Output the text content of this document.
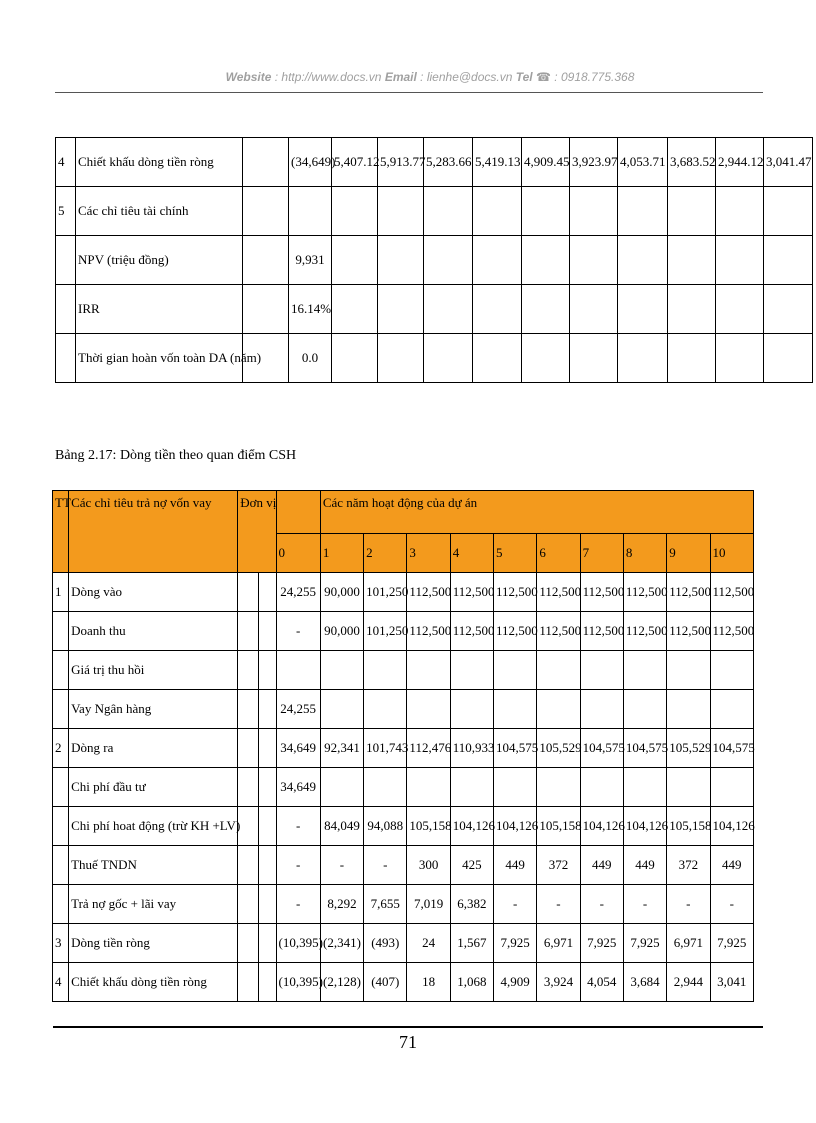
Website : http://www.docs.vn Email : lienhe@docs.vn Tel ☎ : 0918.775.368
4	Chiết khấu dòng tiền ròng		(34,649)	5,407.12	5,913.77	5,283.66	5,419.13	4,909.45	3,923.97	4,053.71	3,683.52	2,944.12	3,041.47
5	Các chỉ tiêu tài chính												
	NPV (triệu đồng)		9,931										
	IRR		16.14%										
	Thời gian hoàn vốn toàn DA (năm)		0.0										
Bảng 2.17: Dòng tiền theo quan điểm CSH
TT	Các chỉ tiêu trả nợ vốn vay	Đơn vị			Các năm hoạt động của dự án									
				0	1	2	3	4	5	6	7	8	9	10
1	Dòng vào			24,255	90,000	101,250	112,500	112,500	112,500	112,500	112,500	112,500	112,500	112,500
	Doanh thu			-	90,000	101,250	112,500	112,500	112,500	112,500	112,500	112,500	112,500	112,500
	Giá trị thu hồi													
	Vay Ngân hàng			24,255										
2	Dòng ra			34,649	92,341	101,743	112,476	110,933	104,575	105,529	104,575	104,575	105,529	104,575
	Chi phí đầu tư			34,649										
	Chi phí hoat động (trừ KH +LV)			-	84,049	94,088	105,158	104,126	104,126	105,158	104,126	104,126	105,158	104,126
	Thuế TNDN			-	-	-	300	425	449	372	449	449	372	449
	Trả nợ gốc + lãi vay			-	8,292	7,655	7,019	6,382	-	-	-	-	-	-
3	Dòng tiền ròng			(10,395)	(2,341)	(493)	24	1,567	7,925	6,971	7,925	7,925	6,971	7,925
4	Chiết khấu dòng tiền ròng			(10,395)	(2,128)	(407)	18	1,068	4,909	3,924	4,054	3,684	2,944	3,041
71
